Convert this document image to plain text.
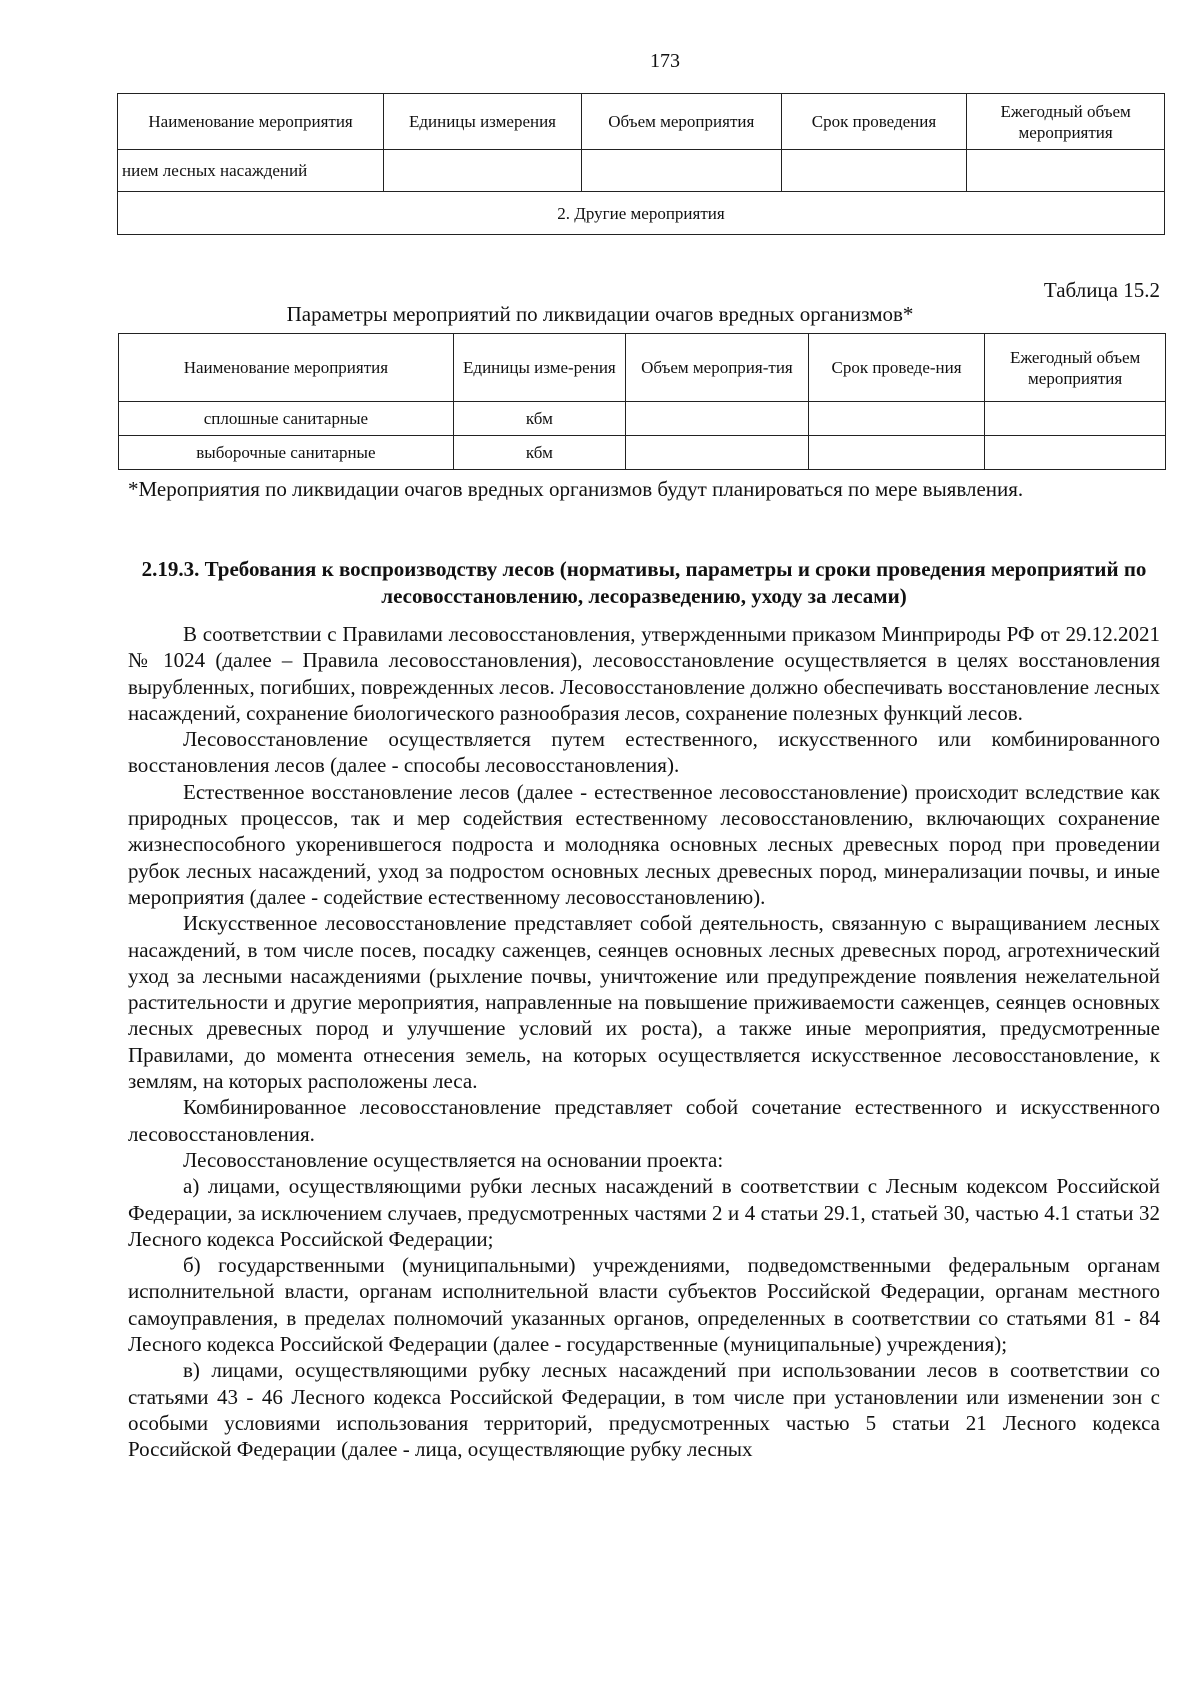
173
Наименование мероприятия	Единицы измерения	Объем мероприятия	Срок проведения	Ежегодный объем мероприятия
нием лесных насаждений				
2. Другие мероприятия				
Таблица 15.2
Параметры мероприятий по ликвидации очагов вредных организмов*
Наименование мероприятия	Единицы изме-рения	Объем мероприя-тия	Срок проведе-ния	Ежегодный объем мероприятия
сплошные санитарные	кбм			
выборочные санитарные	кбм			
*Мероприятия по ликвидации очагов вредных организмов будут планироваться по мере выявления.
2.19.3. Требования к воспроизводству лесов (нормативы, параметры и сроки проведения мероприятий по лесовосстановлению, лесоразведению, уходу за лесами)

В соответствии с Правилами лесовосстановления, утвержденными приказом Минприроды РФ от 29.12.2021 № 1024 (далее – Правила лесовосстановления), лесовосстановление осуществляется в целях восстановления вырубленных, погибших, поврежденных лесов. Лесовосстановление должно обеспечивать восстановление лесных насаждений, сохранение биологического разнообразия лесов, сохранение полезных функций лесов.

Лесовосстановление осуществляется путем естественного, искусственного или комбинированного восстановления лесов (далее - способы лесовосстановления).

Естественное восстановление лесов (далее - естественное лесовосстановление) происходит вследствие как природных процессов, так и мер содействия естественному лесовосстановлению, включающих сохранение жизнеспособного укоренившегося подроста и молодняка основных лесных древесных пород при проведении рубок лесных насаждений, уход за подростом основных лесных древесных пород, минерализации почвы, и иные мероприятия (далее - содействие естественному лесовосстановлению).

Искусственное лесовосстановление представляет собой деятельность, связанную с выращиванием лесных насаждений, в том числе посев, посадку саженцев, сеянцев основных лесных древесных пород, агротехнический уход за лесными насаждениями (рыхление почвы, уничтожение или предупреждение появления нежелательной растительности и другие мероприятия, направленные на повышение приживаемости саженцев, сеянцев основных лесных древесных пород и улучшение условий их роста), а также иные мероприятия, предусмотренные Правилами, до момента отнесения земель, на которых осуществляется искусственное лесовосстановление, к землям, на которых расположены леса.

Комбинированное лесовосстановление представляет собой сочетание естественного и искусственного лесовосстановления.

Лесовосстановление осуществляется на основании проекта:

а) лицами, осуществляющими рубки лесных насаждений в соответствии с Лесным кодексом Российской Федерации, за исключением случаев, предусмотренных частями 2 и 4 статьи 29.1, статьей 30, частью 4.1 статьи 32 Лесного кодекса Российской Федерации;

б) государственными (муниципальными) учреждениями, подведомственными федеральным органам исполнительной власти, органам исполнительной власти субъектов Российской Федерации, органам местного самоуправления, в пределах полномочий указанных органов, определенных в соответствии со статьями 81 - 84 Лесного кодекса Российской Федерации (далее - государственные (муниципальные) учреждения);

в) лицами, осуществляющими рубку лесных насаждений при использовании лесов в соответствии со статьями 43 - 46 Лесного кодекса Российской Федерации, в том числе при установлении или изменении зон с особыми условиями использования территорий, предусмотренных частью 5 статьи 21 Лесного кодекса Российской Федерации (далее - лица, осуществляющие рубку лесных
